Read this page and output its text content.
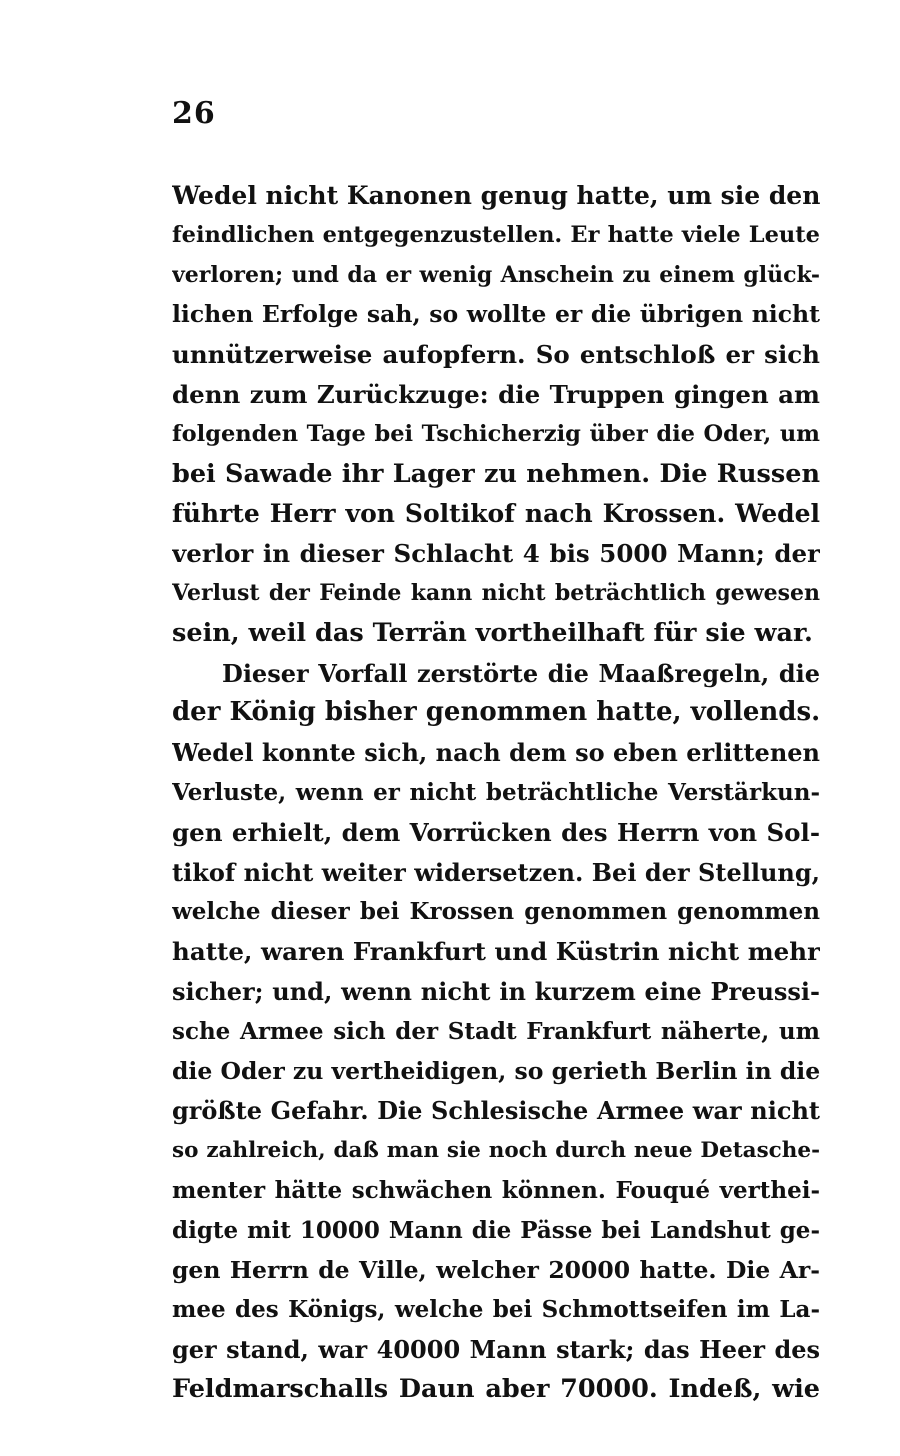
26
Wedel nicht Kanonen genug hatte, um sie den
feindlichen entgegenzustellen. Er hatte viele Leute
verloren; und da er wenig Anschein zu einem glück-
lichen Erfolge sah, so wollte er die übrigen nicht
unnützerweise aufopfern. So entschloß er sich
denn zum Zurückzuge: die Truppen gingen am
folgenden Tage bei Tschicherzig über die Oder, um
bei Sawade ihr Lager zu nehmen. Die Russen
führte Herr von Soltikof nach Krossen. Wedel
verlor in dieser Schlacht 4 bis 5000 Mann; der
Verlust der Feinde kann nicht beträchtlich gewesen
sein, weil das Terrän vortheilhaft für sie war.
Dieser Vorfall zerstörte die Maaßregeln, die
der König bisher genommen hatte, vollends.
Wedel konnte sich, nach dem so eben erlittenen
Verluste, wenn er nicht beträchtliche Verstärkun-
gen erhielt, dem Vorrücken des Herrn von Sol-
tikof nicht weiter widersetzen. Bei der Stellung,
welche dieser bei Krossen genommen genommen
hatte, waren Frankfurt und Küstrin nicht mehr
sicher; und, wenn nicht in kurzem eine Preussi-
sche Armee sich der Stadt Frankfurt näherte, um
die Oder zu vertheidigen, so gerieth Berlin in die
größte Gefahr. Die Schlesische Armee war nicht
so zahlreich, daß man sie noch durch neue Detasche-
menter hätte schwächen können. Fouqué verthei-
digte mit 10000 Mann die Pässe bei Landshut ge-
gen Herrn de Ville, welcher 20000 hatte. Die Ar-
mee des Königs, welche bei Schmottseifen im La-
ger stand, war 40000 Mann stark; das Heer des
Feldmarschalls Daun aber 70000. Indeß, wie
